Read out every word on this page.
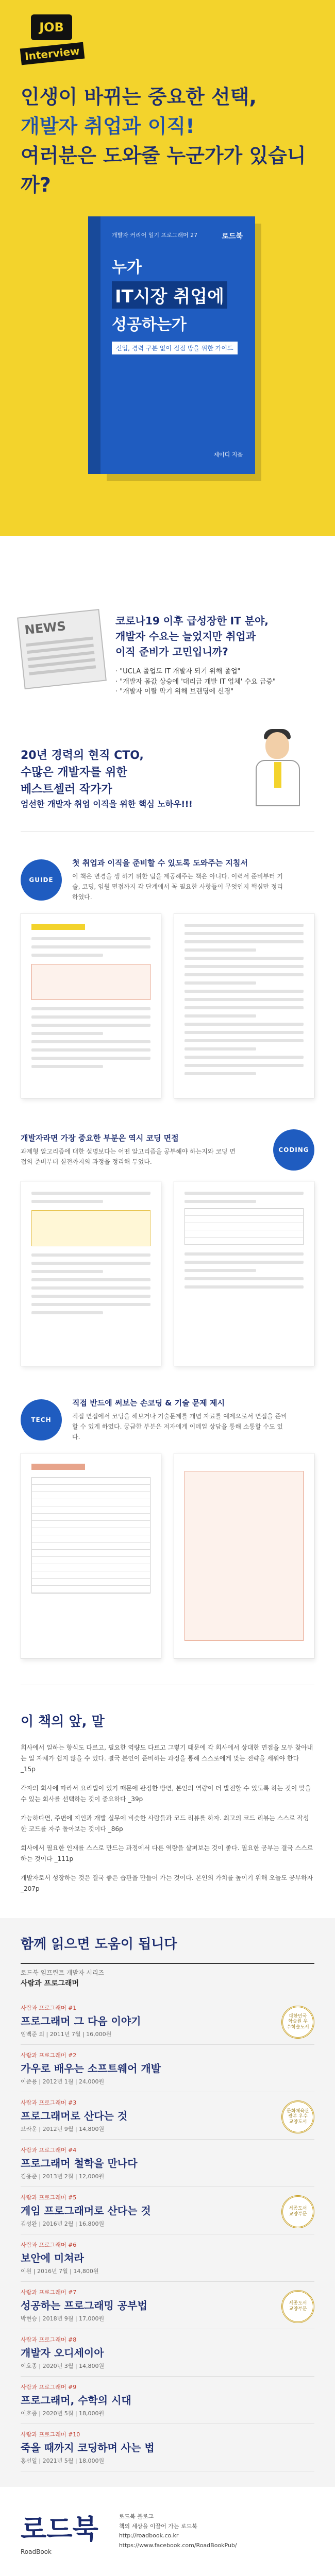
JOB
Interview
인생이 바뀌는 중요한 선택,
개발자 취업과 이직!
여러분은 도와줄 누군가가 있습니까?
개발자 커리어 일기 프로그래머 27	로드북
누가
IT시장 취업에
성공하는가
신입, 경력 구분 없이 점점 방을 위한 가이드
제이디 지음
NEWS	코로나19 이후 급성장한 IT 분야,
개발자 수요는 늘었지만 취업과
이직 준비가 고민입니까?
· "UCLA 졸업도 IT 개발자 되기 위해 졸업"
· "개발자 몸값 상승에 '대리급 개발 IT 업체' 수요 급증"
· "개발자 이탈 막기 위해 브랜딩에 신경"
20년 경력의 현직 CTO,
수많은 개발자를 위한
베스트셀러 작가가
엄선한 개발자 취업 이직을 위한 핵심 노하우!!!
GUIDE
첫 취업과 이직을 준비할 수 있도록 도와주는 지침서
이 책은 변경을 생 하기 위한 팁을 제공해주는 책은 아니다. 이력서 준비부터 기술, 코딩, 임원 면접까지 각 단계에서 꼭 필요한 사항들이 무엇인지 핵심만 정리하였다.
개발자라면 가장 중요한 부분은 역시 코딩 면접
과제형 알고리즘에 대한 설명보다는 어떤 알고리즘을 공부해야 하는지와 코딩 면접의 준비부터 실전까지의 과정을 정리해 두었다.
CODING
TECH
직접 반드에 써보는 손코딩 & 기술 문제 제시
직접 면접에서 코딩을 해보거나 기술문제를 개념 자료를 예제으로서 면접을 준비할 수 있게 하였다. 궁금한 부분은 저자에게 이메일 상담을 통해 소통할 수도 있다.
이 책의 앞, 말

회사에서 일하는 향식도 다르고, 필요한 역량도 다르고 그렇기 때문에 각 회사에서 상대한 면접을 모두 찾아내는 일 자체가 쉽지 않을 수 있다. 결국 본인이 준비하는 과정을 통해 스스로에게 맞는 전략을 세워야 한다 _15p

각자의 회사에 따라서 요리법이 있기 때문에 판정한 방면, 본인의 역량이 더 발전할 수 있도록 하는 것이 맞을 수 있는 회사를 선택하는 것이 중요하다 _39p

가능하다면, 주변에 지인과 개발 실무에 비슷한 사람들과 코드 리뷰를 하자. 최고의 코드 리뷰는 스스로 작성한 코드를 자주 돌아보는 것이다 _86p

회사에서 필요한 인재를 스스로 만드는 과정에서 다른 역량을 살펴보는 것이 좋다. 필요한 공부는 결국 스스로 하는 것이다 _111p

개발자로서 성장하는 것은 결국 좋은 습관을 만들어 가는 것이다. 본인의 가치를 높이기 위해 오늘도 공부하자 _207p

함께 읽으면 도움이 됩니다
로드북 임프린트 개발자 시리즈
사람과 프로그래머
사람과 프로그래머 #1
프로그래머 그 다음 이야기
임백준 외 | 2011년 7월 | 16,000원
대한민국 학술원 우수학술도서
사람과 프로그래머 #2
가우로 배우는 소프트웨어 개발
이준용 | 2012년 1월 | 24,000원
사람과 프로그래머 #3
프로그래머로 산다는 것
브라운 | 2012년 9월 | 14,800원
문화체육관광부 우수교양도서
사람과 프로그래머 #4
프로그래머 철학을 만나다
김용준 | 2013년 2월 | 12,000원
사람과 프로그래머 #5
게임 프로그래머로 산다는 것
김성완 | 2016년 2월 | 16,800원
세종도서 교양부문
사람과 프로그래머 #6
보안에 미쳐라
이원 | 2016년 7월 | 14,800원
사람과 프로그래머 #7
성공하는 프로그래밍 공부법
박현승 | 2018년 9월 | 17,000원
세종도서 교양부문
사람과 프로그래머 #8
개발자 오디세이아
이호종 | 2020년 3월 | 14,800원
사람과 프로그래머 #9
프로그래머, 수학의 시대
이호종 | 2020년 5월 | 18,000원
사람과 프로그래머 #10
죽을 때까지 코딩하며 사는 법
홍선일 | 2021년 5월 | 18,000원
로드북
RoadBook
로드북 블로그
책의 세상을 이끌어 가는 로드북
http://roadbook.co.kr
https://www.facebook.com/RoadBookPub/
